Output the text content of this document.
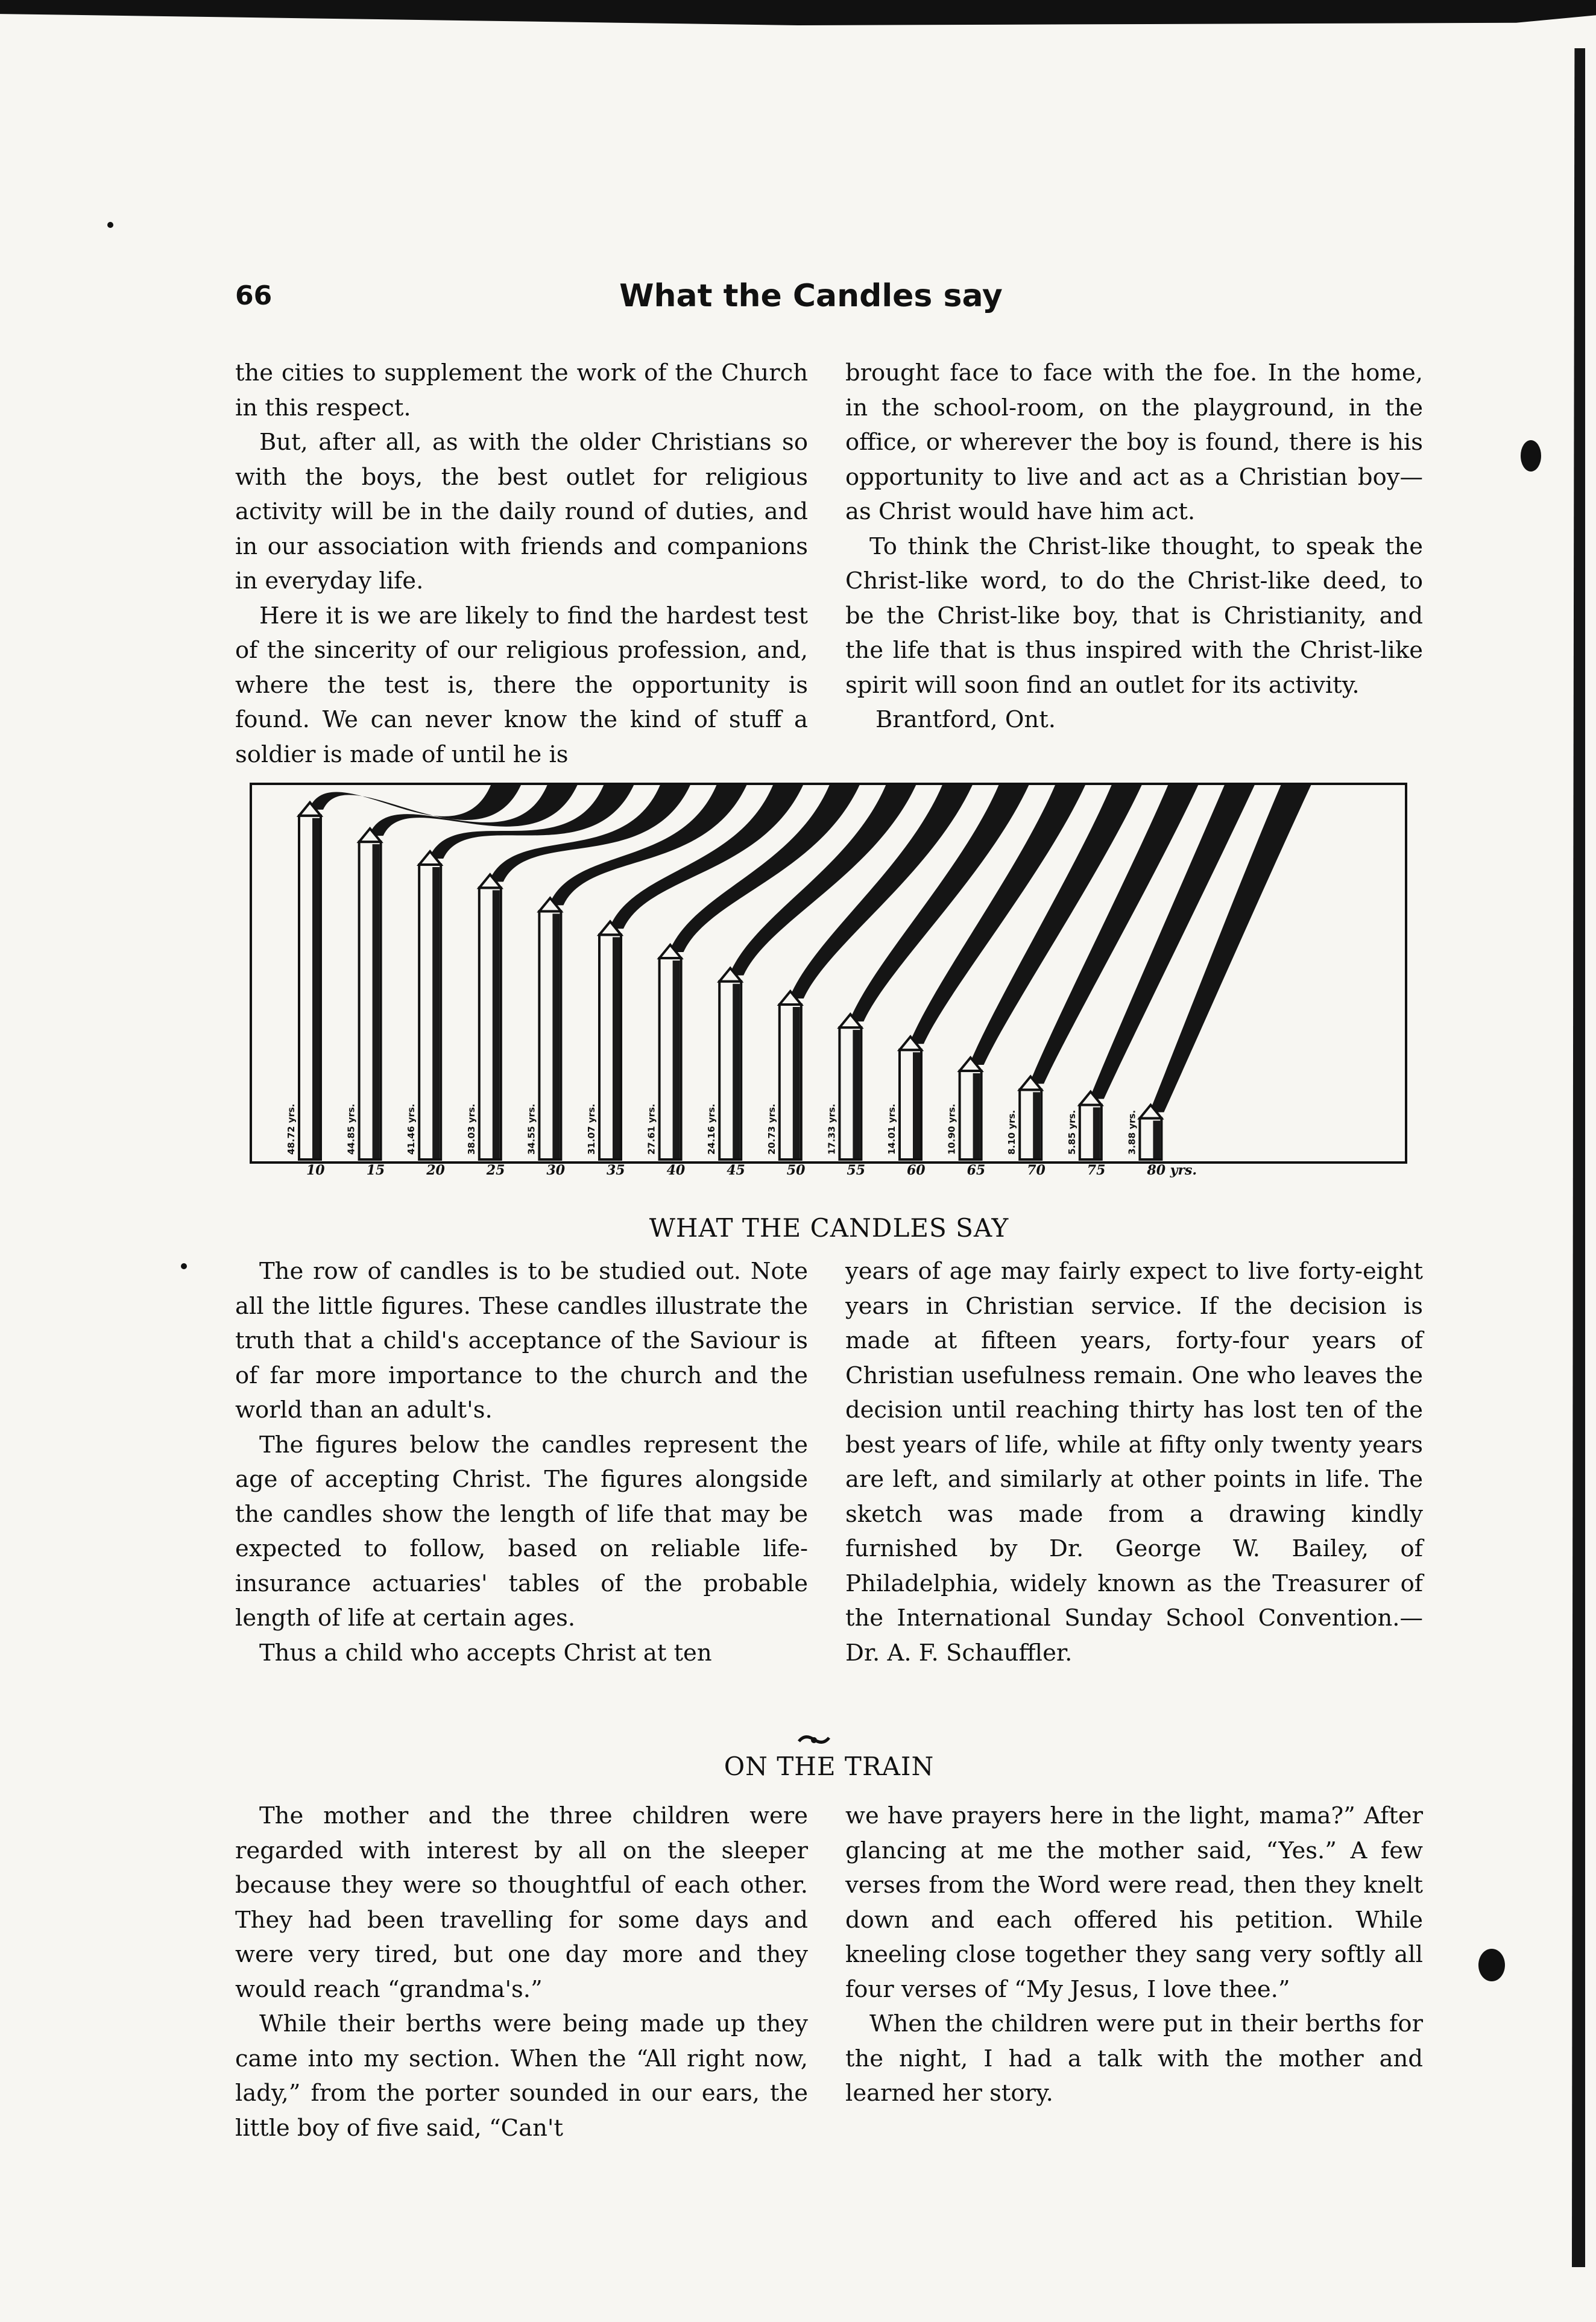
66	What the Candles say

the cities to supplement the work of the Church in this respect.

But, after all, as with the older Christians so with the boys, the best outlet for religious activity will be in the daily round of duties, and in our association with friends and companions in everyday life.

Here it is we are likely to find the hardest test of the sincerity of our religious profession, and, where the test is, there the opportunity is found. We can never know the kind of stuff a soldier is made of until he is

brought face to face with the foe. In the home, in the school-room, on the playground, in the office, or wherever the boy is found, there is his opportunity to live and act as a Christian boy—as Christ would have him act.

To think the Christ-like thought, to speak the Christ-like word, to do the Christ-like deed, to be the Christ-like boy, that is Christianity, and the life that is thus inspired with the Christ-like spirit will soon find an outlet for its activity.

Brantford, Ont.

48.72 yrs.	44.85 yrs.	41.46 yrs.	38.03 yrs.	34.55 yrs.	31.07 yrs.	27.61 yrs.	24.16 yrs.	20.73 yrs.	17.33 yrs.	14.01 yrs.	10.90 yrs.	8.10 yrs.	5.85 yrs.	3.88 yrs.
10	15	20	25	30	35	40	45	50	55	60	65	70	75	80 yrs.
WHAT THE CANDLES SAY

The row of candles is to be studied out. Note all the little figures. These candles illustrate the truth that a child's acceptance of the Saviour is of far more importance to the church and the world than an adult's.

The figures below the candles represent the age of accepting Christ. The figures alongside the candles show the length of life that may be expected to follow, based on reliable life-insurance actuaries' tables of the probable length of life at certain ages.

Thus a child who accepts Christ at ten

years of age may fairly expect to live forty-eight years in Christian service. If the decision is made at fifteen years, forty-four years of Christian usefulness remain. One who leaves the decision until reaching thirty has lost ten of the best years of life, while at fifty only twenty years are left, and similarly at other points in life. The sketch was made from a drawing kindly furnished by Dr. George W. Bailey, of Philadelphia, widely known as the Treasurer of the International Sunday School Convention.—Dr. A. F. Schauffler.

ON THE TRAIN

The mother and the three children were regarded with interest by all on the sleeper because they were so thoughtful of each other. They had been travelling for some days and were very tired, but one day more and they would reach “grandma's.”

While their berths were being made up they came into my section. When the “All right now, lady,” from the porter sounded in our ears, the little boy of five said, “Can't

we have prayers here in the light, mama?” After glancing at me the mother said, “Yes.” A few verses from the Word were read, then they knelt down and each offered his petition. While kneeling close together they sang very softly all four verses of “My Jesus, I love thee.”

When the children were put in their berths for the night, I had a talk with the mother and learned her story.
